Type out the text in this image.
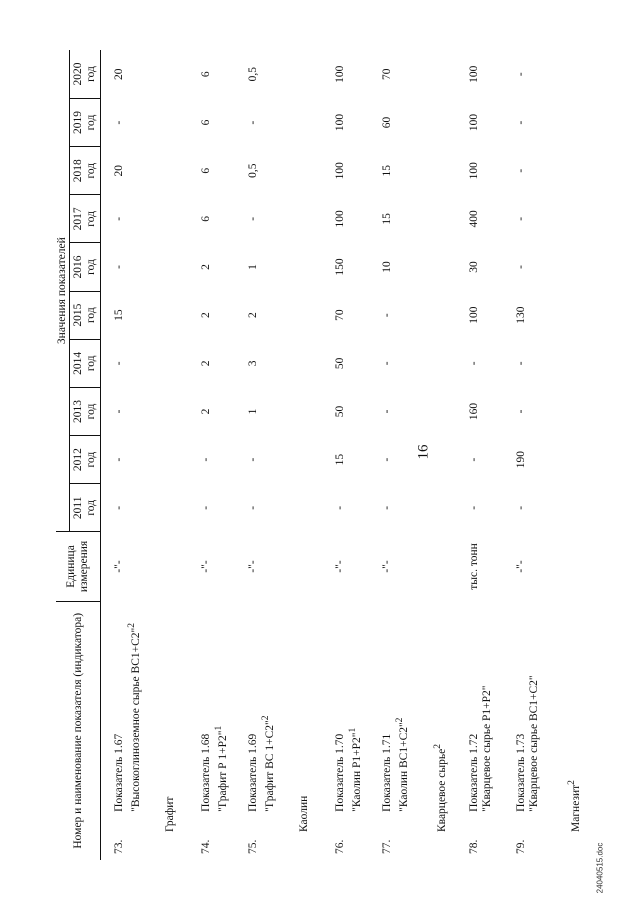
16
24040515.doc
Номер и наименование показателя (индикатора)		Единица измерения	Значения показателей									

			2011 год	2012 год	2013 год	2014 год	2015 год	2016 год	2017 год	2018 год	2019 год	2020 год

73.	Показатель 1.67 "Высокоглиноземное сырье ВС1+С2"$^2$	-"-	-	-	-	-	15	-	-	20	-	20
Графит												
74.	Показатель 1.68 "Графит Р 1+Р2"$^1$	-"-	-	-	2	2	2	2	6	6	6	6
75.	Показатель 1.69 "Графит ВС 1+С2"$^2$	-"-	-	-	1	3	2	1	-	0,5	-	0,5
Каолин												
76.	Показатель 1.70 "Каолин Р1+Р2"$^1$	-"-	-	15	50	50	70	150	100	100	100	100
77.	Показатель 1.71 "Каолин ВС1+С2"$^2$	-"-	-	-	-	-	-	10	15	15	60	70
Кварцевое сырье$^2$
78.	Показатель 1.72 "Кварцевое сырье Р1+Р2"	тыс. тонн	-	-	160	-	100	30	400	100	100	100
79.	Показатель 1.73 "Кварцевое сырье ВС1+С2"	-"-	-	190	-	-	130	-	-	-	-	-
Магнезит$^2$
